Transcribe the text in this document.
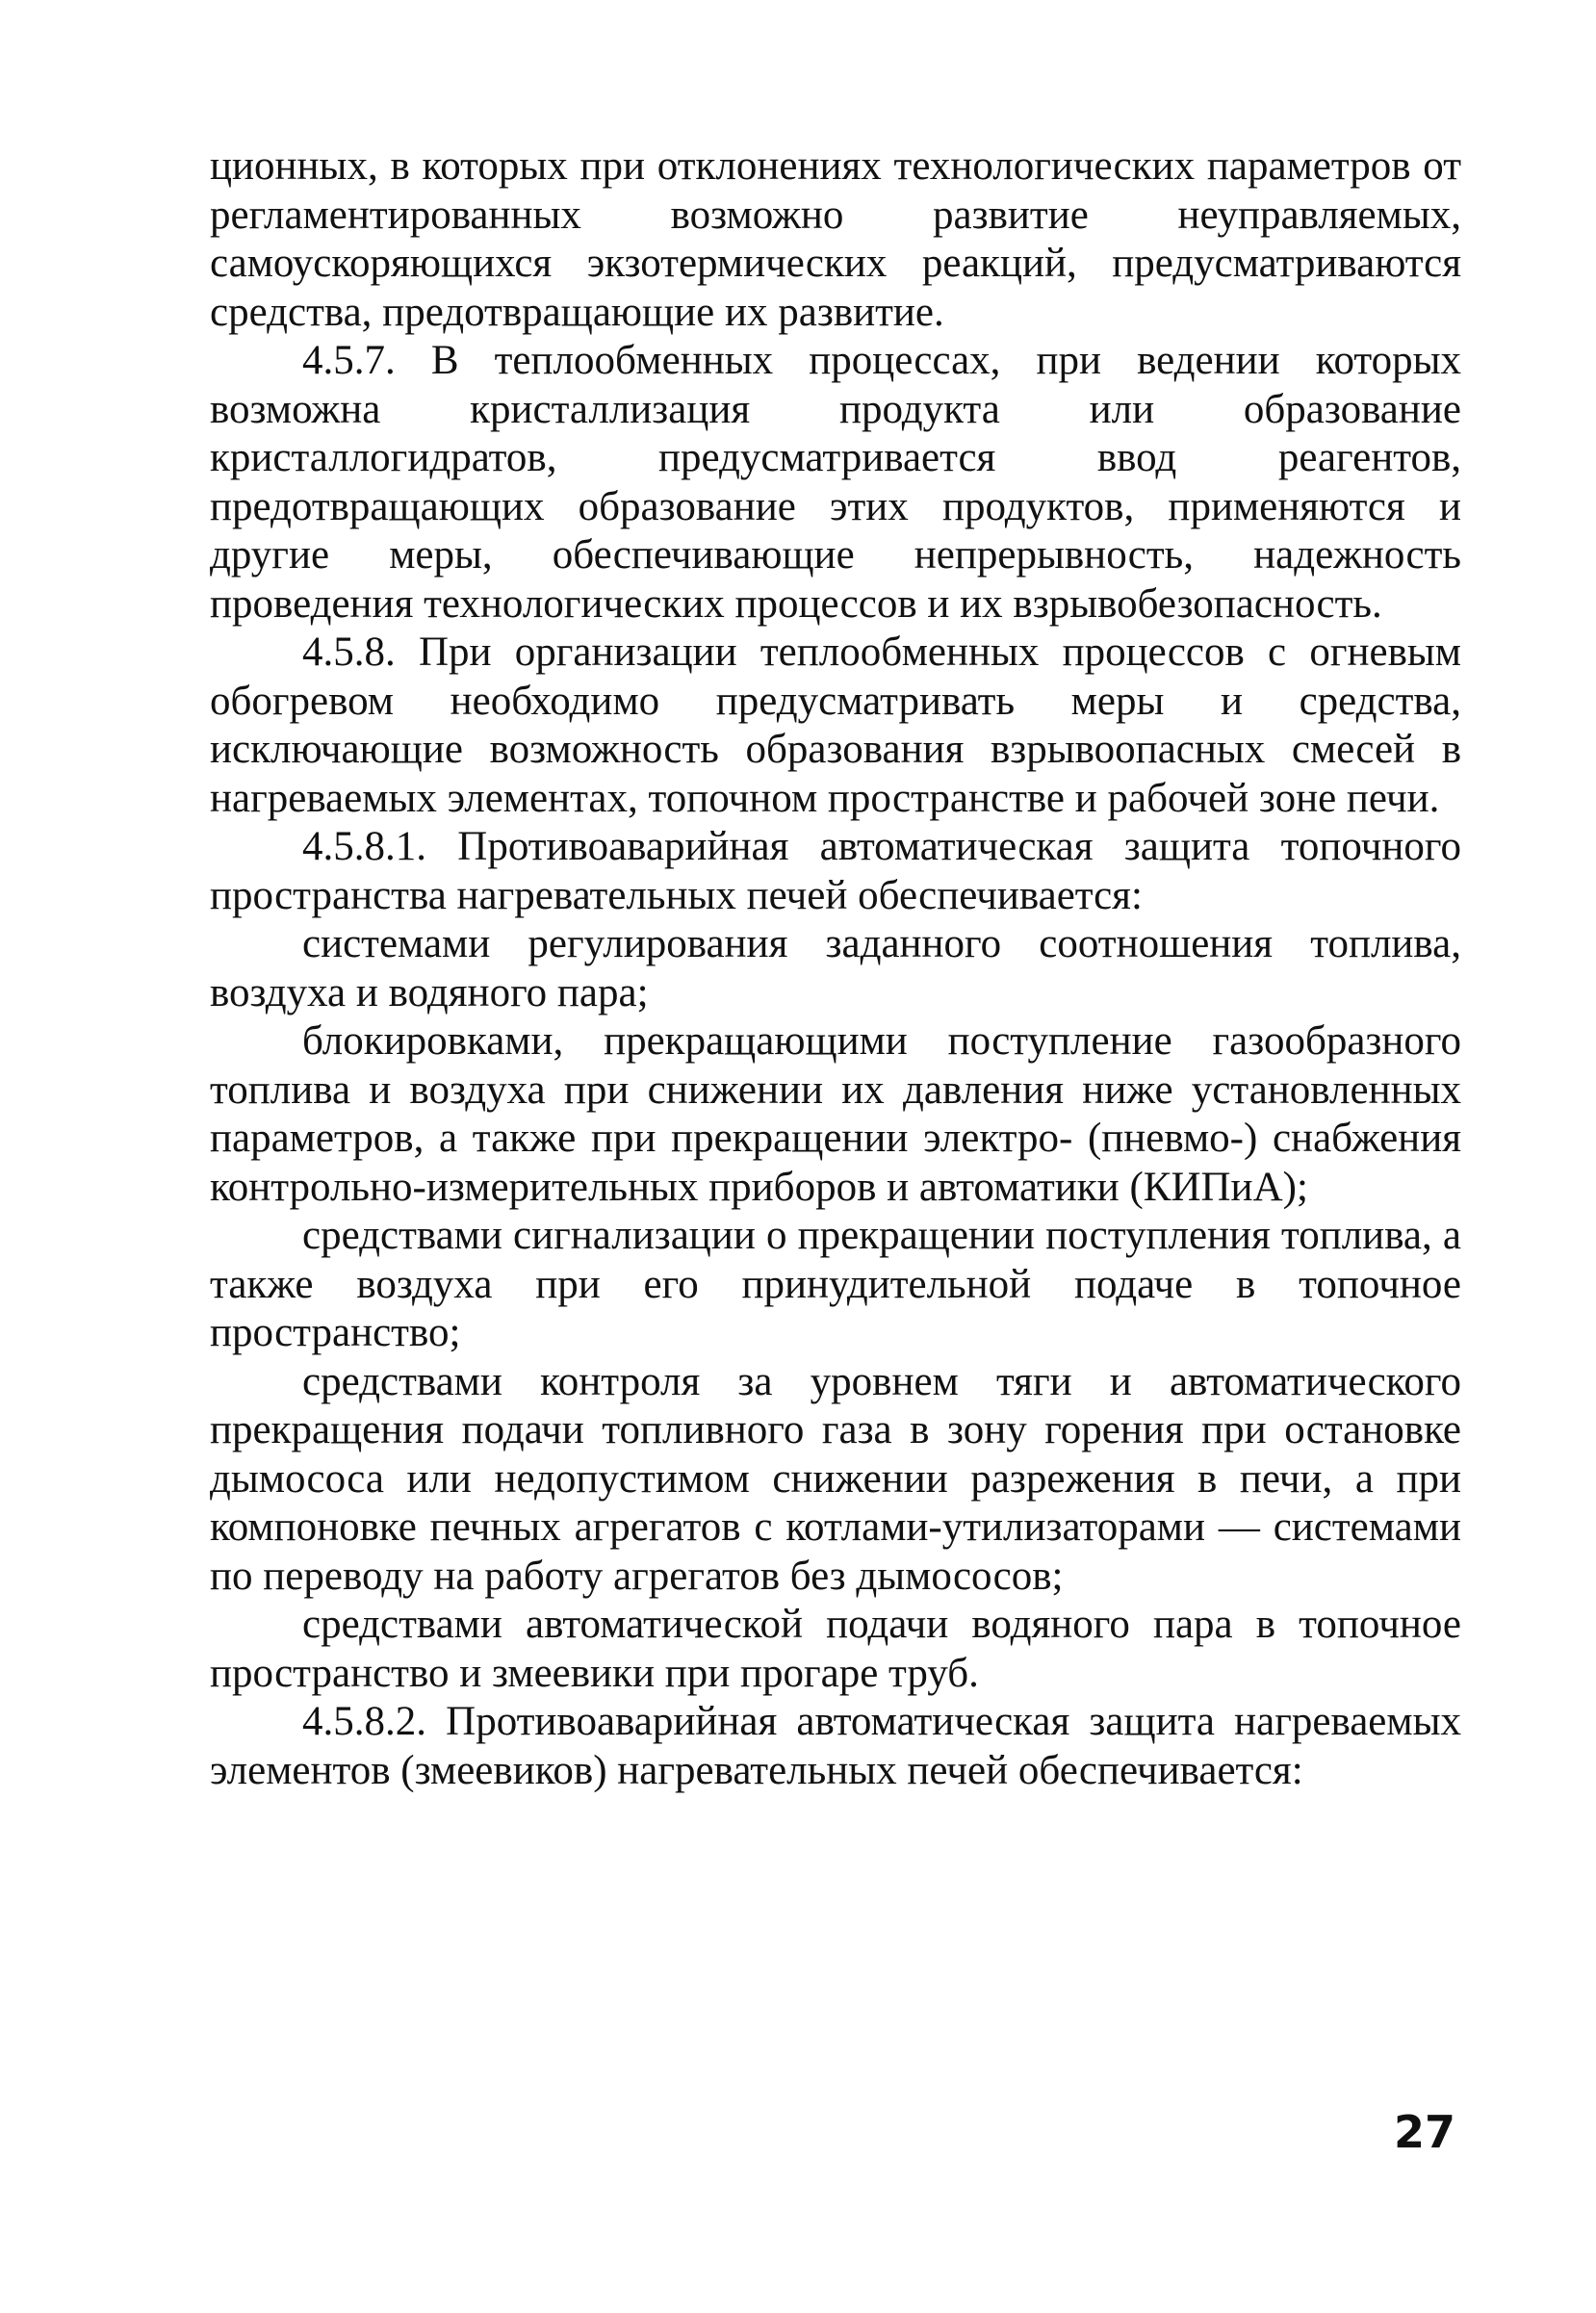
ционных, в которых при отклонениях технологических параметров от регламентированных возможно развитие неуправляемых, самоускоряющихся экзотермических реакций, предусматриваются средства, предотвращающие их развитие.

4.5.7. В теплообменных процессах, при ведении которых возможна кристаллизация продукта или образование кристаллогидратов, предусматривается ввод реагентов, предотвращающих образование этих продуктов, применяются и другие меры, обеспечивающие непрерывность, надежность проведения технологических процессов и их взрывобезопасность.

4.5.8. При организации теплообменных процессов с огневым обогревом необходимо предусматривать меры и средства, исключающие возможность образования взрывоопасных смесей в нагреваемых элементах, топочном пространстве и рабочей зоне печи.

4.5.8.1. Противоаварийная автоматическая защита топочного пространства нагревательных печей обеспечивается:

системами регулирования заданного соотношения топлива, воздуха и водяного пара;

блокировками, прекращающими поступление газообразного топлива и воздуха при снижении их давления ниже установленных параметров, а также при прекращении электро- (пневмо-) снабжения контрольно-измерительных приборов и автоматики (КИПиА);

средствами сигнализации о прекращении поступления топлива, а также воздуха при его принудительной подаче в топочное пространство;

средствами контроля за уровнем тяги и автоматического прекращения подачи топливного газа в зону горения при остановке дымососа или недопустимом снижении разрежения в печи, а при компоновке печных агрегатов с котлами-утилизаторами — системами по переводу на работу агрегатов без дымососов;

средствами автоматической подачи водяного пара в топочное пространство и змеевики при прогаре труб.

4.5.8.2. Противоаварийная автоматическая защита нагреваемых элементов (змеевиков) нагревательных печей обеспечивается:

27
